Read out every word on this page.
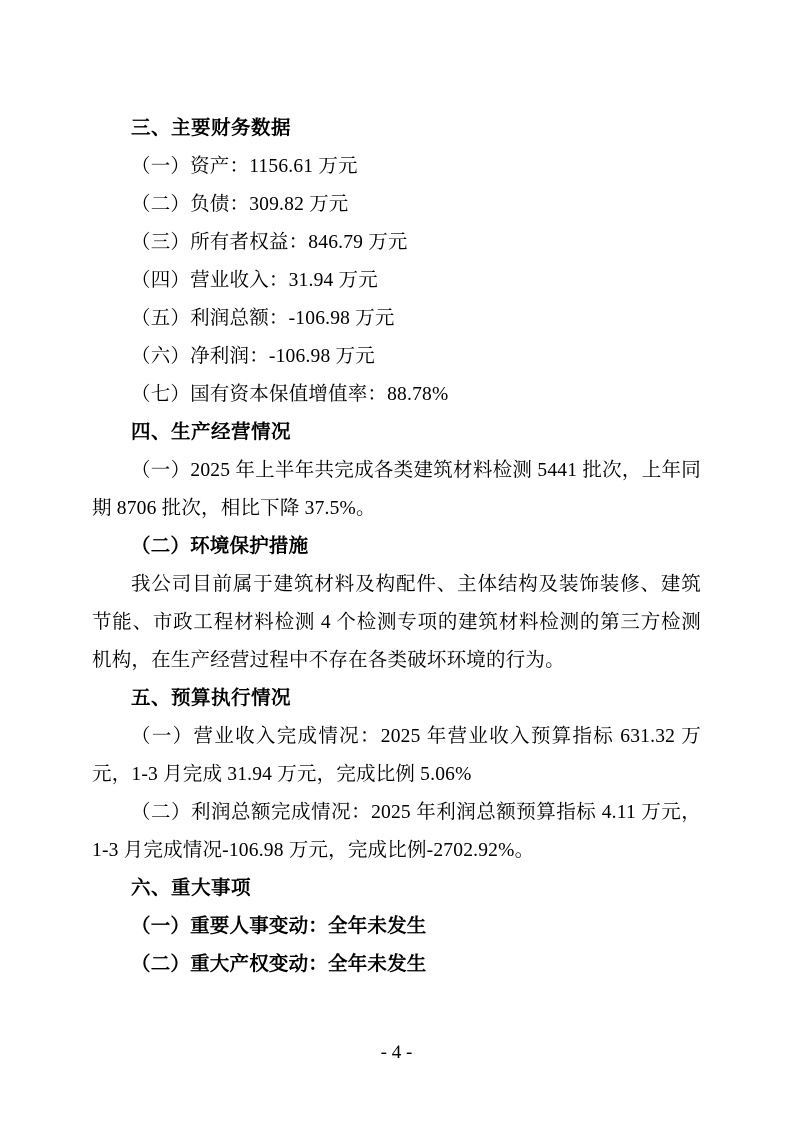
三、主要财务数据

（一）资产：1156.61 万元

（二）负债：309.82 万元

（三）所有者权益：846.79 万元

（四）营业收入：31.94 万元

（五）利润总额：-106.98 万元

（六）净利润：-106.98 万元

（七）国有资本保值增值率：88.78%

四、生产经营情况

（一）2025 年上半年共完成各类建筑材料检测 5441 批次，上年同期 8706 批次，相比下降 37.5%。

（二）环境保护措施

我公司目前属于建筑材料及构配件、主体结构及装饰装修、建筑节能、市政工程材料检测 4 个检测专项的建筑材料检测的第三方检测机构，在生产经营过程中不存在各类破坏环境的行为。

五、预算执行情况

（一）营业收入完成情况：2025 年营业收入预算指标 631.32 万元，1-3 月完成 31.94 万元，完成比例 5.06%

（二）利润总额完成情况：2025 年利润总额预算指标 4.11 万元，1-3 月完成情况-106.98 万元，完成比例-2702.92%。

六、重大事项

（一）重要人事变动：全年未发生

（二）重大产权变动：全年未发生

- 4 -
